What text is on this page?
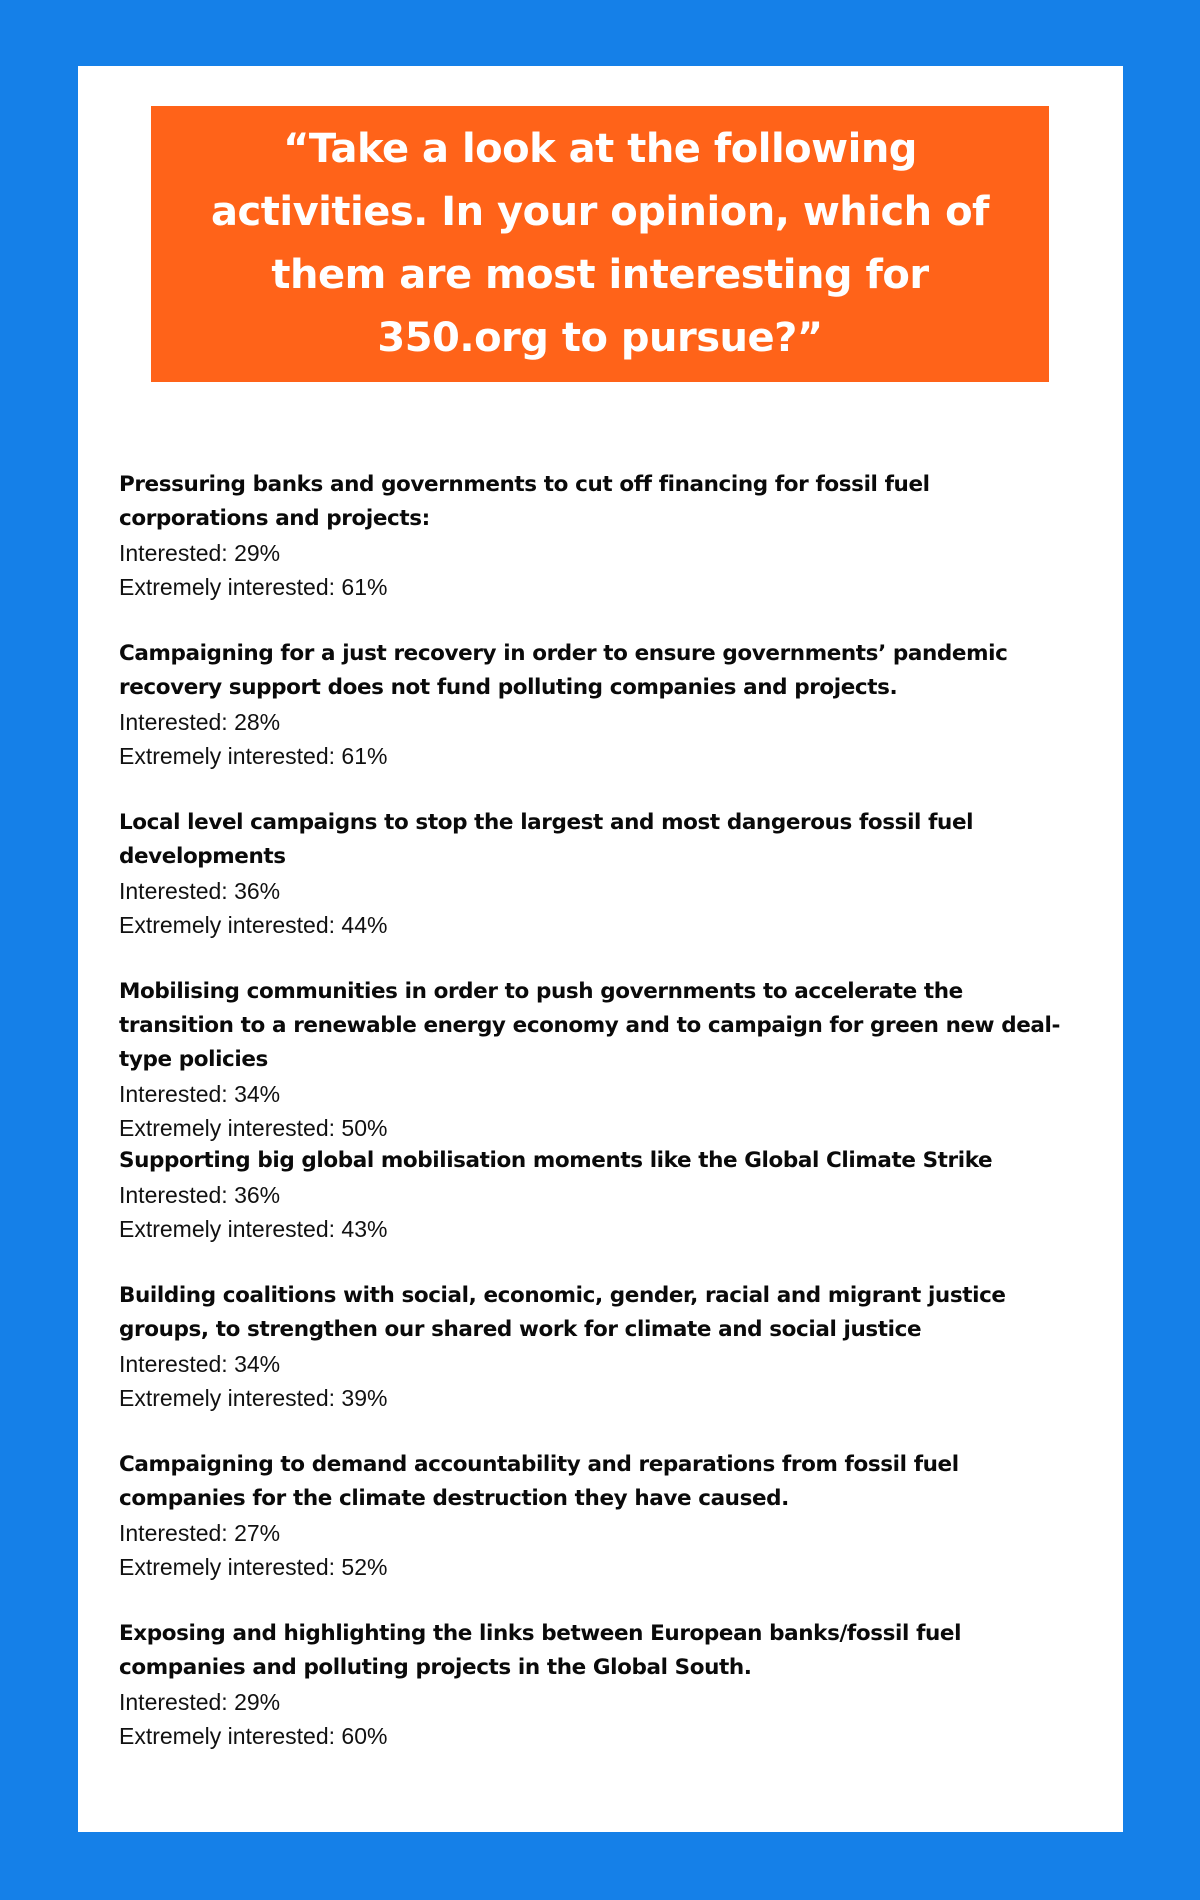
“Take a look at the following activities. In your opinion, which of them are most interesting for 350.org to pursue?”

Pressuring banks and governments to cut off financing for fossil fuel corporations and projects:

Interested: 29%

Extremely interested: 61%

Campaigning for a just recovery in order to ensure governments’ pandemic recovery support does not fund polluting companies and projects.

Interested: 28%

Extremely interested: 61%

Local level campaigns to stop the largest and most dangerous fossil fuel developments

Interested: 36%

Extremely interested: 44%

Mobilising communities in order to push governments to accelerate the transition to a renewable energy economy and to campaign for green new deal-type policies

Interested: 34%

Extremely interested: 50%

Supporting big global mobilisation moments like the Global Climate Strike

Interested: 36%

Extremely interested: 43%

Building coalitions with social, economic, gender, racial and migrant justice groups, to strengthen our shared work for climate and social justice

Interested: 34%

Extremely interested: 39%

Campaigning to demand accountability and reparations from fossil fuel companies for the climate destruction they have caused.

Interested: 27%

Extremely interested: 52%

Exposing and highlighting the links between European banks/fossil fuel companies and polluting projects in the Global South.

Interested: 29%

Extremely interested: 60%
